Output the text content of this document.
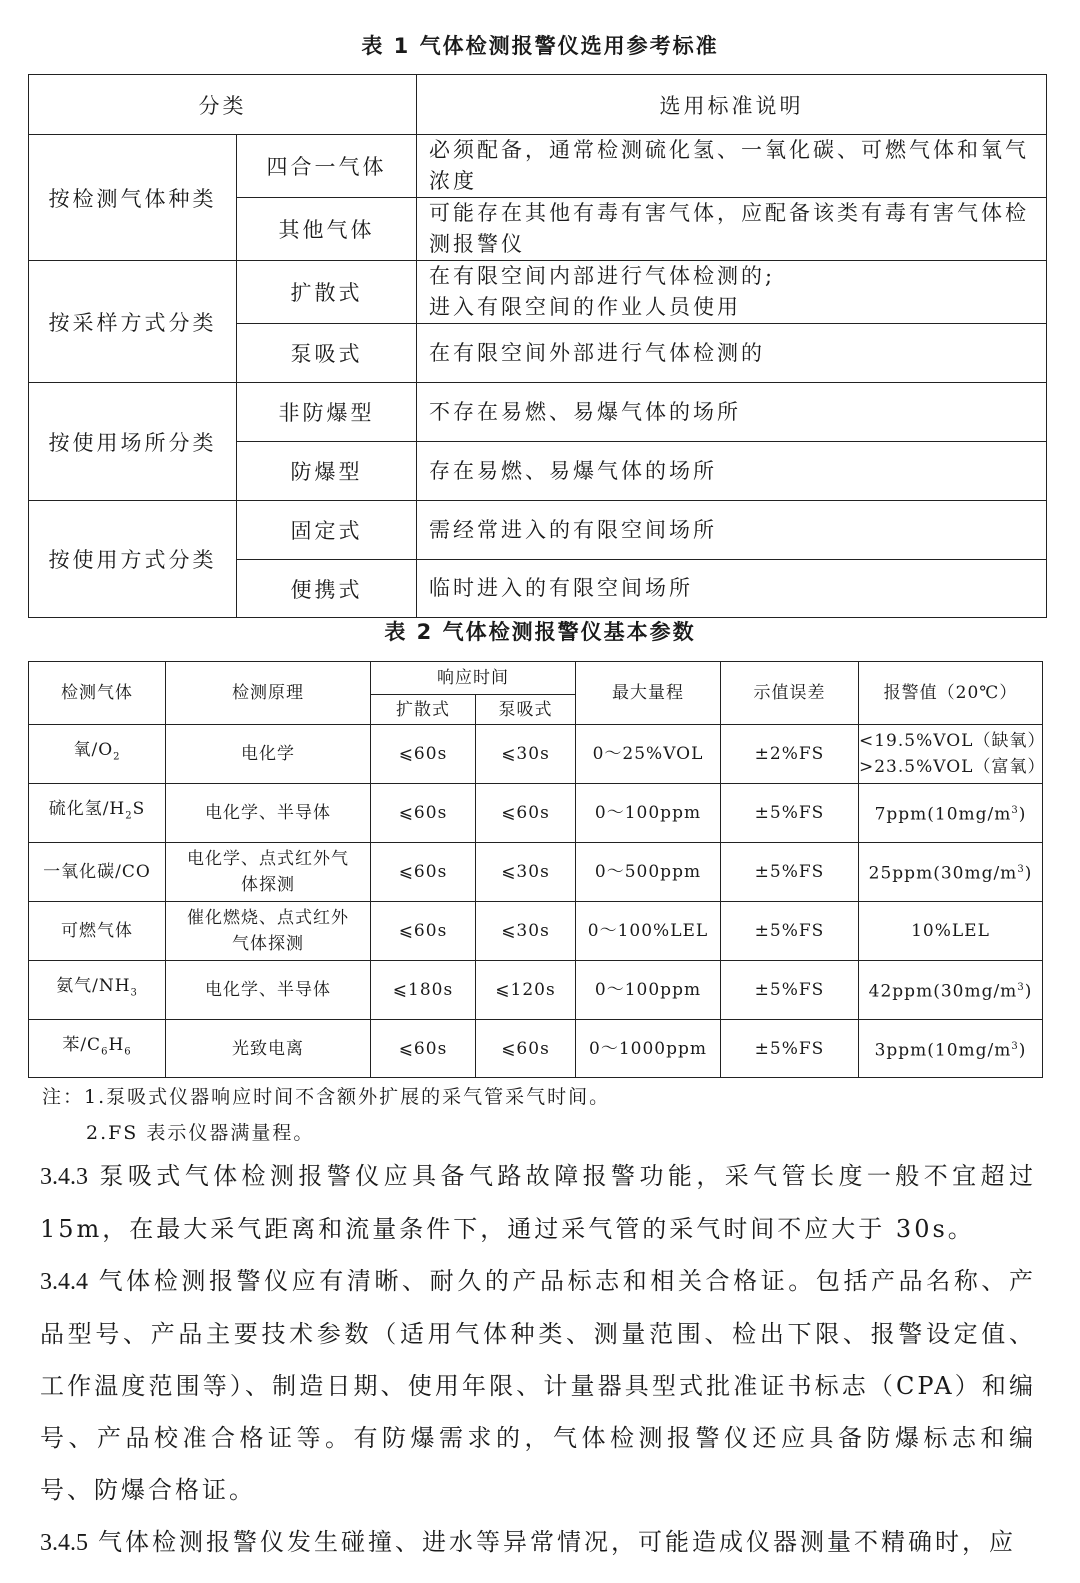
表 1 气体检测报警仪选用参考标准
分类		选用标准说明
按检测气体种类	四合一气体	必须配备，通常检测硫化氢、一氧化碳、可燃气体和氧气浓度
	其他气体	可能存在其他有毒有害气体，应配备该类有毒有害气体检测报警仪
按采样方式分类	扩散式	在有限空间内部进行气体检测的;
进入有限空间的作业人员使用

	泵吸式	在有限空间外部进行气体检测的
按使用场所分类	非防爆型	不存在易燃、易爆气体的场所
	防爆型	存在易燃、易爆气体的场所
按使用方式分类	固定式	需经常进入的有限空间场所
	便携式	临时进入的有限空间场所
表 2 气体检测报警仪基本参数
检测气体	检测原理	响应时间		最大量程	示值误差	报警值（20℃）
		扩散式	泵吸式			
氧$/O_2$	电化学	⩽60s	⩽30s	0～25%VOL	±2%FS	<19.5%VOL（缺氧）
>23.5%VOL（富氧）

硫化氢$/H_2S$	电化学、半导体	⩽60s	⩽60s	0～100ppm	±5%FS	$7ppm(10mg/m^3)$
一氧化碳/CO	电化学、点式红外气
体探测	⩽60s	⩽30s	0～500ppm	±5%FS	$25ppm(30mg/m^3)$
可燃气体	催化燃烧、点式红外
气体探测	⩽60s	⩽30s	0～100%LEL	±5%FS	10%LEL
氨气$/NH_3$	电化学、半导体	⩽180s	⩽120s	0～100ppm	±5%FS	$42ppm(30mg/m^3)$
苯$/C_6H_6$	光致电离	⩽60s	⩽60s	0～1000ppm	±5%FS	$3ppm(10mg/m^3)$
注：1.泵吸式仪器响应时间不含额外扩展的采气管采气时间。
2.FS 表示仪器满量程。

3.4.3 泵吸式气体检测报警仪应具备气路故障报警功能，采气管长度一般不宜超过 15m，在最大采气距离和流量条件下，通过采气管的采气时间不应大于 30s。

3.4.4 气体检测报警仪应有清晰、耐久的产品标志和相关合格证。包括产品名称、产品型号、产品主要技术参数（适用气体种类、测量范围、检出下限、报警设定值、工作温度范围等）、制造日期、使用年限、计量器具型式批准证书标志（CPA）和编号、产品校准合格证等。有防爆需求的，气体检测报警仪还应具备防爆标志和编号、防爆合格证。

3.4.5 气体检测报警仪发生碰撞、进水等异常情况，可能造成仪器测量不精确时，应
